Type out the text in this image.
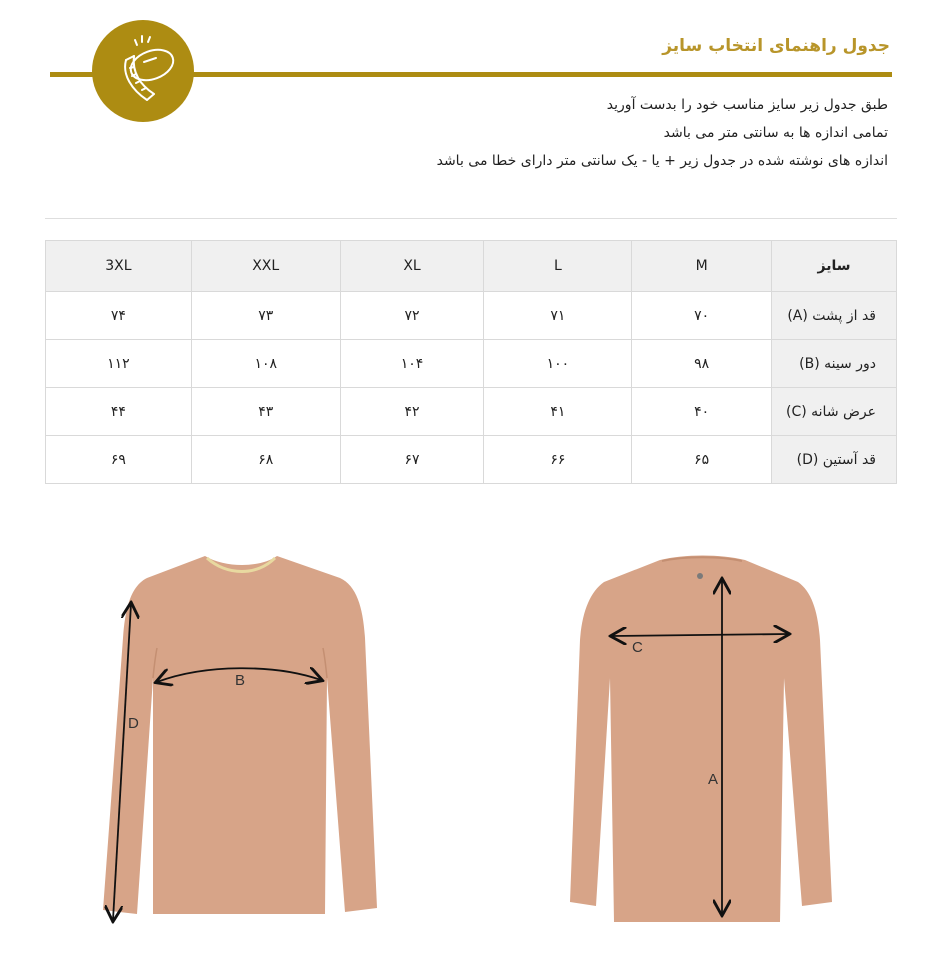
جدول راهنمای انتخاب سایز
طبق جدول زیر سایز مناسب خود را بدست آورید
تمامی اندازه ها به سانتی متر می باشد
اندازه های نوشته شده در جدول زیر + یا - یک سانتی متر دارای خطا می باشد
3XL	XXL	XL	L	M	سایز
۷۴	۷۳	۷۲	۷۱	۷۰	قد از پشت (A)
۱۱۲	۱۰۸	۱۰۴	۱۰۰	۹۸	دور سینه (B)
۴۴	۴۳	۴۲	۴۱	۴۰	عرض شانه (C)
۶۹	۶۸	۶۷	۶۶	۶۵	قد آستین (D)
B
D
C
A
